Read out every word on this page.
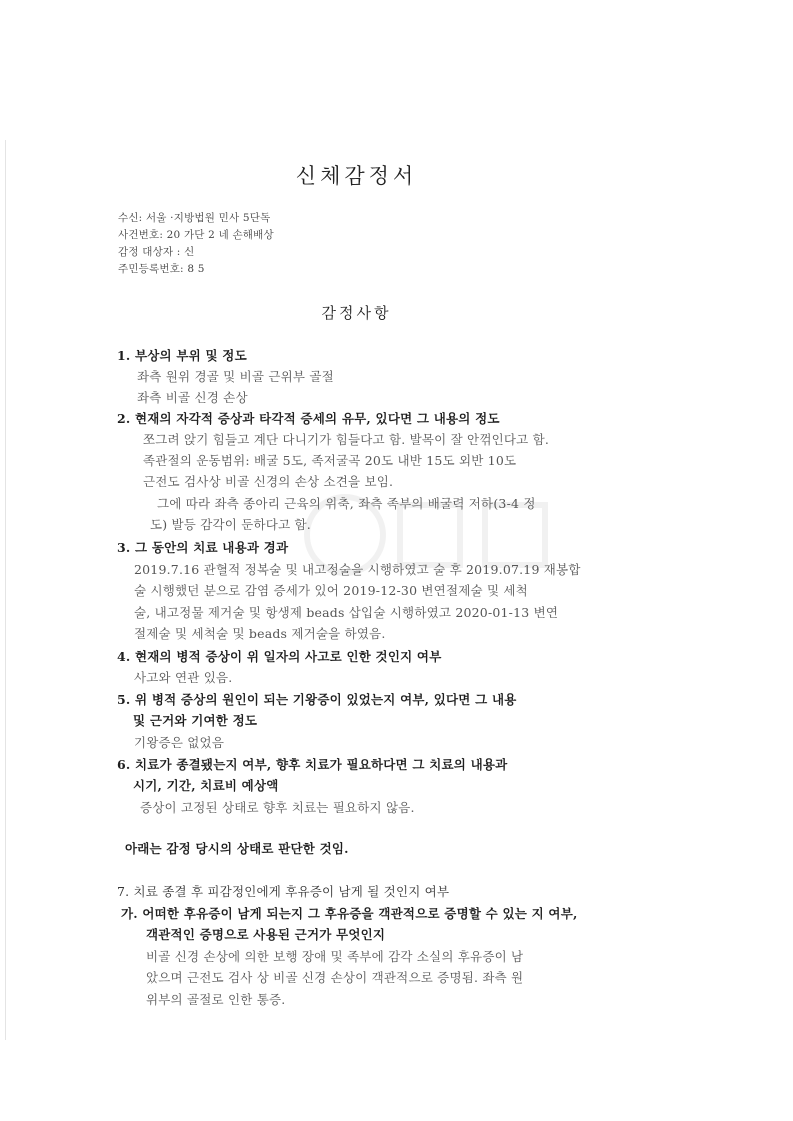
신체감정서
수신: 서울 ·지방법원 민사 5단독
사건번호: 20 가단 2 네 손해배상
감정 대상자 : 신
주민등록번호: 8 5
감정사항
1. 부상의 부위 및 정도
좌측 원위 경골 및 비골 근위부 골절
좌측 비골 신경 손상
2. 현재의 자각적 증상과 타각적 증세의 유무, 있다면 그 내용의 정도
쪼그려 앉기 힘들고 계단 다니기가 힘들다고 함. 발목이 잘 안꺾인다고 함.
족관절의 운동범위: 배굴 5도, 족저굴곡 20도 내반 15도 외반 10도
근전도 검사상 비골 신경의 손상 소견을 보임.
그에 따라 좌측 종아리 근육의 위축, 좌측 족부의 배굴력 저하(3-4 정
도) 발등 감각이 둔하다고 함.
3. 그 동안의 치료 내용과 경과
2019.7.16 관혈적 정복술 및 내고정술을 시행하였고 술 후 2019.07.19 재봉합
술 시행했던 분으로 감염 증세가 있어 2019-12-30 변연절제술 및 세척
술, 내고정물 제거술 및 항생제 beads 삽입술 시행하였고 2020-01-13 변연
절제술 및 세척술 및 beads 제거술을 하였음.
4. 현재의 병적 증상이 위 일자의 사고로 인한 것인지 여부
사고와 연관 있음.
5. 위 병적 증상의 원인이 되는 기왕증이 있었는지 여부, 있다면 그 내용
및 근거와 기여한 정도
기왕증은 없었음
6. 치료가 종결됐는지 여부, 향후 치료가 필요하다면 그 치료의 내용과
시기, 기간, 치료비 예상액
증상이 고정된 상태로 향후 치료는 필요하지 않음.
아래는 감정 당시의 상태로 판단한 것임.
7. 치료 종결 후 피감정인에게 후유증이 남게 될 것인지 여부
가. 어떠한 후유증이 남게 되는지 그 후유증을 객관적으로 증명할 수 있는 지 여부,
객관적인 증명으로 사용된 근거가 무엇인지
비골 신경 손상에 의한 보행 장애 및 족부에 감각 소실의 후유증이 남
았으며 근전도 검사 상 비골 신경 손상이 객관적으로 증명됨. 좌측 원
위부의 골절로 인한 통증.
